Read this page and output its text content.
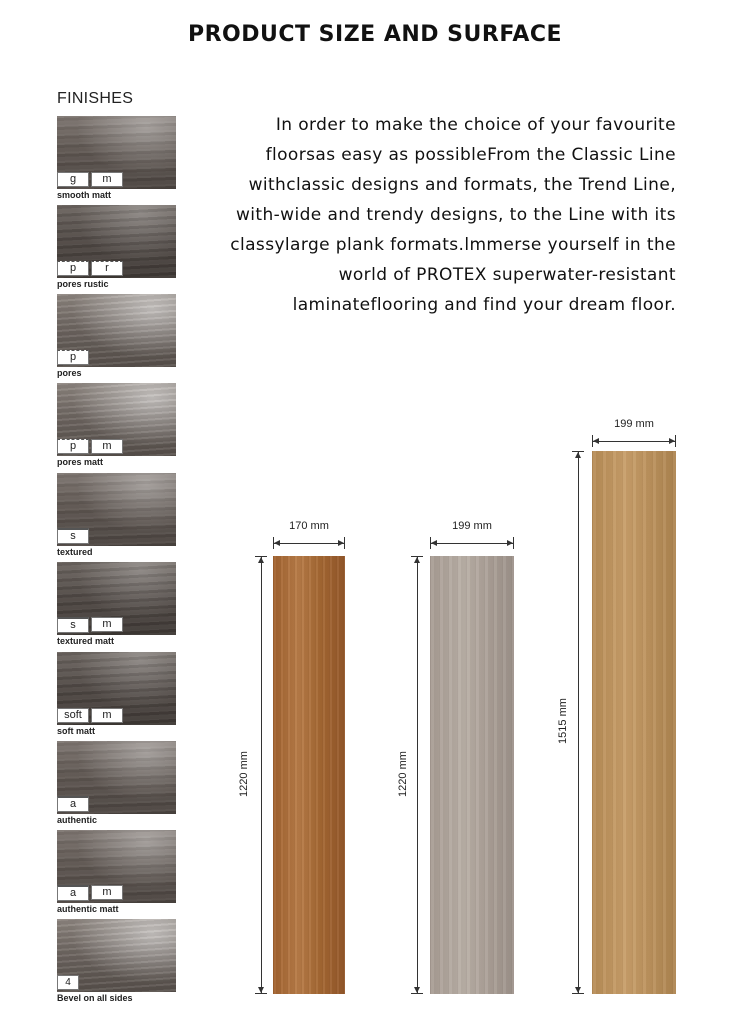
PRODUCT SIZE AND SURFACE
FINISHES
g	m
smooth matt
p	r
pores rustic
p
pores
p	m
pores matt
s
textured
s	m
textured matt
soft	m
soft matt
a
authentic
a	m
authentic matt
4
Bevel on all sides
In order to make the choice of your favourite
floorsas easy as possibleFrom the Classic Line
withclassic designs and formats, the Trend Line,
with-wide and trendy designs, to the Line with its
classylarge plank formats.lmmerse yourself in the
world of PROTEX superwater-resistant
laminateflooring and find your dream floor.
170 mm
1220 mm
199 mm
1220 mm
199 mm
1515 mm
